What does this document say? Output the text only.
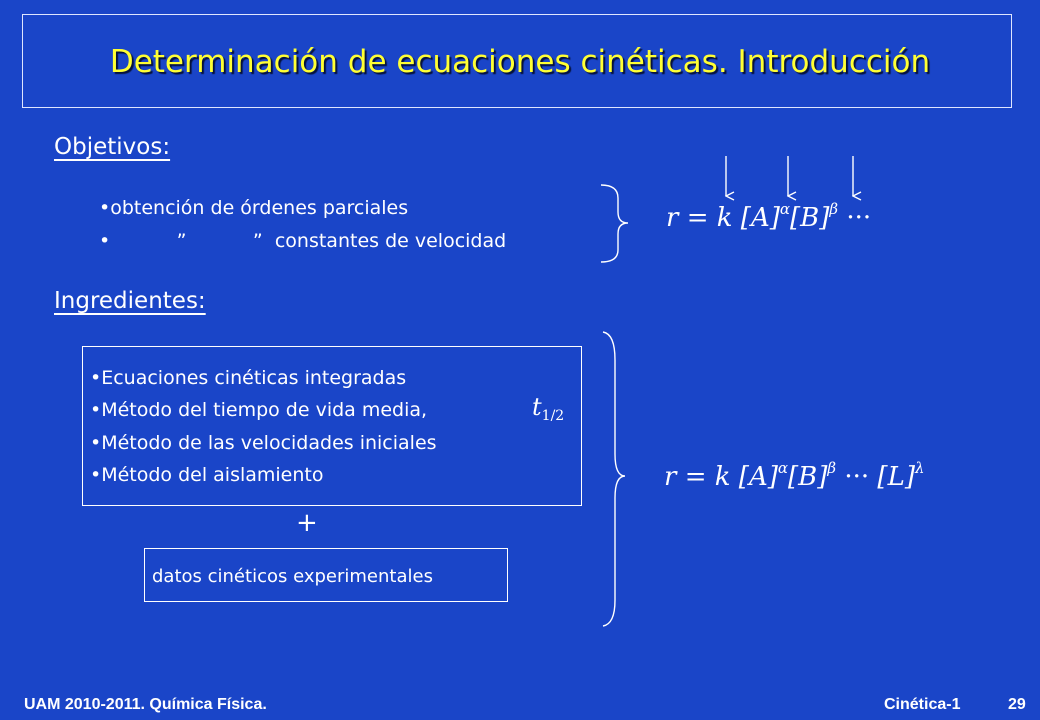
Determinación de ecuaciones cinéticas. Introducción
Objetivos:
•obtención de órdenes parciales
•           ”           ”  constantes de velocidad
r = k $[A]^\alpha[B]^\beta$ ···
Ingredientes:
•Ecuaciones cinéticas integradas
•Método del tiempo de vida media,	$t_{1/2}$
•Método de las velocidades iniciales
•Método del aislamiento
+
datos cinéticos experimentales
r = k $[A]^\alpha[B]^\beta$ ··· $[L]^\lambda$
UAM 2010-2011. Química Física.	Cinética-1	29
